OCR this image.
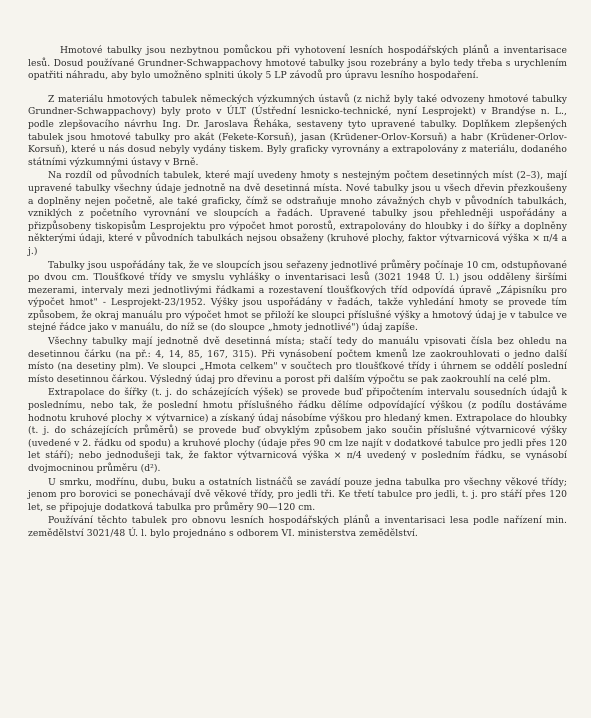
Hmotové tabulky jsou nezbytnou pomůckou při vyhotovení lesních hospodářských plánů a inventarisace lesů. Dosud používané Grundner-Schwappachovy hmotové tabulky jsou rozebrány a bylo tedy třeba s urychlením opatřiti náhradu, aby bylo umožněno splniti úkoly 5 LP závodů pro úpravu lesního hospodaření.

Z materiálu hmotových tabulek německých výzkumných ústavů (z nichž byly také odvozeny hmotové tabulky Grundner-Schwappachovy) byly proto v ÚLT (Ústřední lesnicko-technické, nyní Lesprojekt) v Brandýse n. L., podle zlepšovacího návrhu Ing. Dr. Jaroslava Řeháka, sestaveny tyto upravené tabulky. Doplňkem zlepšených tabulek jsou hmotové tabulky pro akát (Fekete-Korsuň), jasan (Krüdener-Orlov-Korsuň) a habr (Krüdener-Orlov-Korsuň), které u nás dosud nebyly vydány tiskem. Byly graficky vyrovnány a extrapolovány z materiálu, dodaného státními výzkumnými ústavy v Brně.

Na rozdíl od původních tabulek, které mají uvedeny hmoty s nestejným počtem desetinných míst (2–3), mají upravené tabulky všechny údaje jednotně na dvě desetinná místa. Nové tabulky jsou u všech dřevin přezkoušeny a doplněny nejen početně, ale také graficky, čímž se odstraňuje mnoho závažných chyb v původních tabulkách, vzniklých z početního vyrovnání ve sloupcích a řadách. Upravené tabulky jsou přehledněji uspořádány a přizpůsobeny tiskopisům Lesprojektu pro výpočet hmot porostů, extrapolovány do hloubky i do šířky a doplněny některými údaji, které v původních tabulkách nejsou obsaženy (kruhové plochy, faktor výtvarnicová výška × π/4 a j.)

Tabulky jsou uspořádány tak, že ve sloupcích jsou seřazeny jednotlivé průměry počínaje 10 cm, odstupňované po dvou cm. Tloušťkové třídy ve smyslu vyhlášky o inventarisaci lesů (3021 1948 Ú. l.) jsou odděleny širšími mezerami, intervaly mezi jednotlivými řádkami a rozestavení tloušťkových tříd odpovídá úpravě „Zápisníku pro výpočet hmot" - Lesprojekt-23/1952. Výšky jsou uspořádány v řadách, takže vyhledání hmoty se provede tím způsobem, že okraj manuálu pro výpočet hmot se přiloží ke sloupci příslušné výšky a hmotový údaj je v tabulce ve stejné řádce jako v manuálu, do níž se (do sloupce „hmoty jednotlivé") údaj zapíše.

Všechny tabulky mají jednotně dvě desetinná místa; stačí tedy do manuálu vpisovati čísla bez ohledu na desetinnou čárku (na př.: 4, 14, 85, 167, 315). Při vynásobení počtem kmenů lze zaokrouhlovati o jedno další místo (na desetiny plm). Ve sloupci „Hmota celkem" v součtech pro tloušťkové třídy i úhrnem se oddělí poslední místo desetinnou čárkou. Výsledný údaj pro dřevinu a porost při dalším výpočtu se pak zaokrouhlí na celé plm.

Extrapolace do šířky (t. j. do scházejících výšek) se provede buď připočtením intervalu sousedních údajů k poslednímu, nebo tak, že poslední hmotu příslušného řádku dělíme odpovídající výškou (z podílu dostáváme hodnotu kruhové plochy × výtvarnice) a získaný údaj násobíme výškou pro hledaný kmen. Extrapolace do hloubky (t. j. do scházejících průměrů) se provede buď obvyklým způsobem jako součin příslušné výtvarnicové výšky (uvedené v 2. řádku od spodu) a kruhové plochy (údaje přes 90 cm lze najít v dodatkové tabulce pro jedli přes 120 let stáří); nebo jednodušeji tak, že faktor výtvarnicová výška × π/4 uvedený v posledním řádku, se vynásobí dvojmocninou průměru (d²).

U smrku, modřínu, dubu, buku a ostatních listnáčů se zavádí pouze jedna tabulka pro všechny věkové třídy; jenom pro borovici se ponechávají dvě věkové třídy, pro jedli tři. Ke třetí tabulce pro jedli, t. j. pro stáří přes 120 let, se připojuje dodatková tabulka pro průměry 90—120 cm.

Používání těchto tabulek pro obnovu lesních hospodářských plánů a inventarisaci lesa podle nařízení min. zemědělství 3021/48 Ú. l. bylo projednáno s odborem VI. ministerstva zemědělství.
